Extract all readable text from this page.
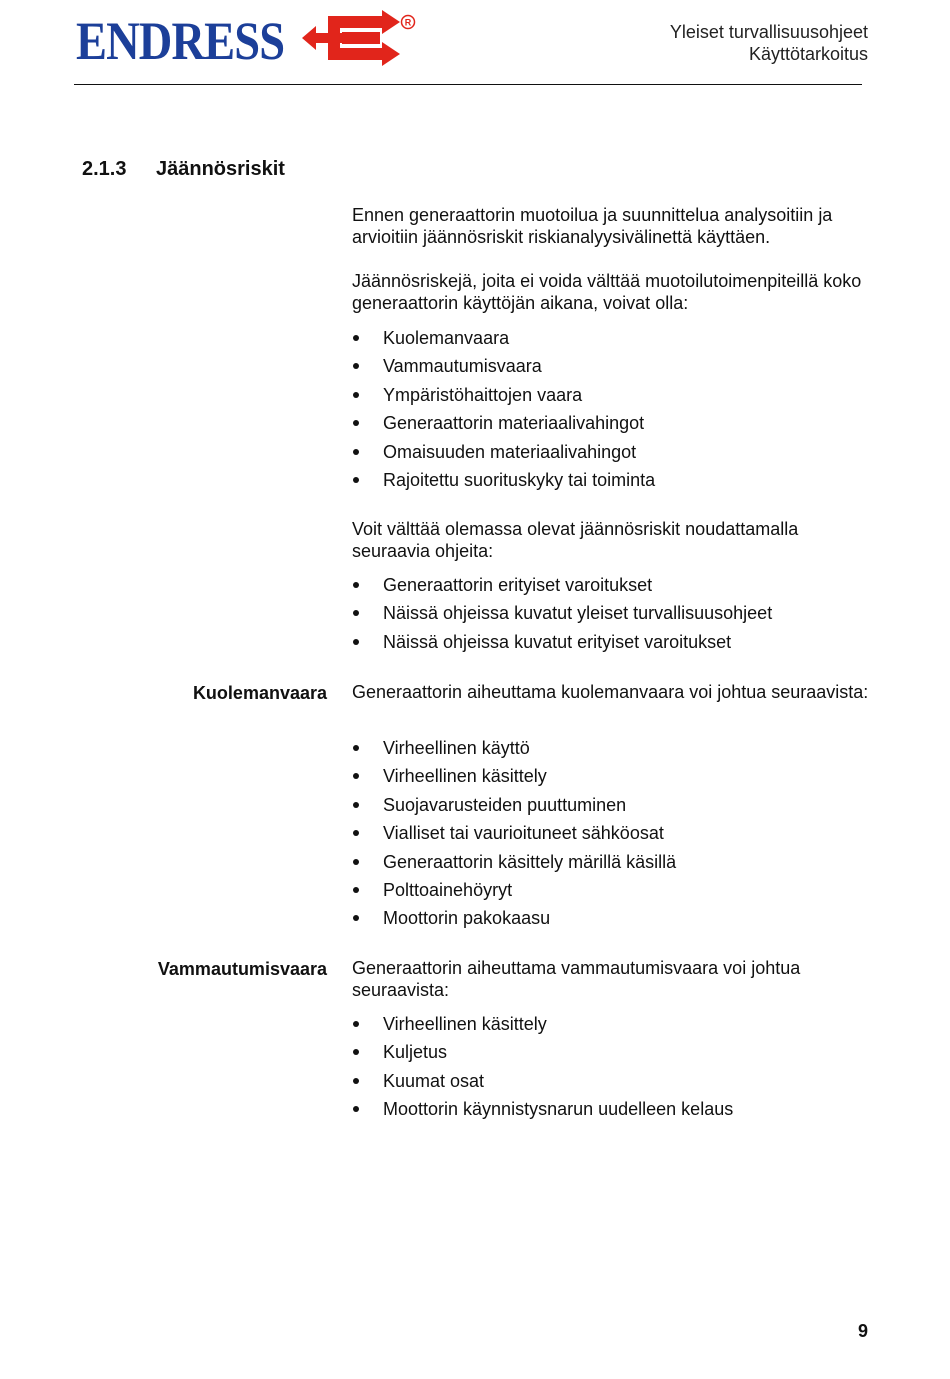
ENDRESS	R	Yleiset turvallisuusohjeet
Käyttötarkoitus
2.1.3 Jäännösriskit
Ennen generaattorin muotoilua ja suunnittelua analysoitiin ja arvioitiin jäännösriskit riskianalyysivälinettä käyttäen.
Jäännösriskejä, joita ei voida välttää muotoilutoimenpiteillä koko generaattorin käyttöjän aikana, voivat olla:
Kuolemanvaara
Vammautumisvaara
Ympäristöhaittojen vaara
Generaattorin materiaalivahingot
Omaisuuden materiaalivahingot
Rajoitettu suorituskyky tai toiminta
Voit välttää olemassa olevat jäännösriskit noudattamalla seuraavia ohjeita:
Generaattorin erityiset varoitukset
Näissä ohjeissa kuvatut yleiset turvallisuusohjeet
Näissä ohjeissa kuvatut erityiset varoitukset
Kuolemanvaara Generaattorin aiheuttama kuolemanvaara voi johtua seuraavista:
Virheellinen käyttö
Virheellinen käsittely
Suojavarusteiden puuttuminen
Vialliset tai vaurioituneet sähköosat
Generaattorin käsittely märillä käsillä
Polttoainehöyryt
Moottorin pakokaasu
Vammautumisvaara Generaattorin aiheuttama vammautumisvaara voi johtua seuraavista:
Virheellinen käsittely
Kuljetus
Kuumat osat
Moottorin käynnistysnarun uudelleen kelaus
9
